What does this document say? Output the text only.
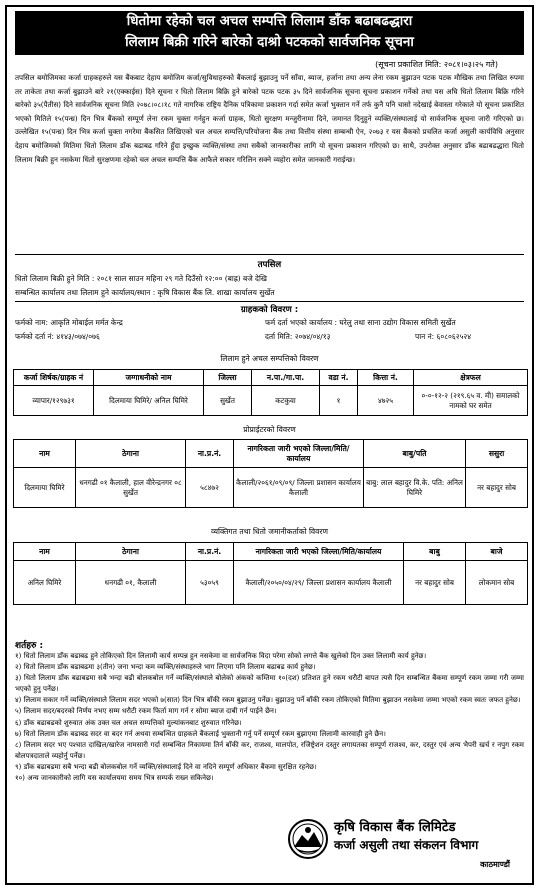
धितोमा रहेको चल अचल सम्पत्ति लिलाम डाँक बढाबढद्धारा
लिलाम बिक्री गरिने बारेको दाश्रो पटकको सार्वजनिक सूचना
(सूचना प्रकाशित मिति: २०८१।०३।२५ गते)
तपसिल बमोजिमका कर्जा ग्राहकहरुले यस बैंकबाट देहाय बमोजिम कर्जा/सुविधाहरुको बैंकलाई बुझाउनु पर्ने साँवा, ब्याज, हर्जाना तथा अन्य लेना रकम बुझाउन पटक पटक मौखिक तथा लिखित रुपमा तर ताकेता तथा कर्जा बुझाउने बारे २१(एक्काईस) दिने सूचना र धितो लिलाम बिक्रि हुने बारेको पटक पटक ३५ दिने सार्वजनिक सूचना सूचना प्रकाशन गर्नेको तथा यस अघि धितो लिलाम बिक्रि गरिने बारेको ३५(पैतीस) दिने सार्वजनिक सूचना मिति २०७८।०८।१८ गते नागरिक राष्ट्रिय दैनिक पत्रिकामा प्रकाशन गर्दा समेत कर्जा भुक्तान गर्ने तर्फ कुनै पनि चासो नदेखाई बेवास्ता गरेकाले यो सूचना प्रकाशित भएको मितिले १५(पन्ध्र) दिन भित्र बैंकको सम्पूर्ण लेना रकम चुक्ता गर्नहुन कर्जा ग्राहक, धितो सुरक्षण मन्जुरीनामा दिने, जमानत दिनुहुने व्यक्ति/संस्थालाई यो सार्वजनिक सूचना जारी गरिएको छ। उल्लेखित १५(पन्ध्र) दिन भित्र कर्जा चुक्ता नगरेमा बैंकसित लिखिएको चल अचल सम्पत्ति/परियोजना बैंक तथा वित्तीय संस्था सम्बन्धी ऐन, २०७३ र यस बैंकको प्रचलित कर्जा असुली कार्यविधि अनुसार देहाय बमोजिमको मितिमा धितो लिलाम डाँक बढाबढ गरिने हुँदा इच्छुक व्यक्ति/संस्था तथा सबैको जानकारीका लागि यो सूचना प्रकाशन गरिएको छ। साथै, उपरोक्त अनुसार डाँक बढाबढद्धारा धितो लिलाम बिक्री हुन नसकेमा धितो सुरक्षणमा रहेको चल अचल सम्पत्ति बैंक आफैले सकार गरिलिन सक्ने व्यहोरा समेत जानकारी गराईन्छ।
तपसिल
धितो लिलाम बिक्री हुने मिति : २०८१ साल साउन महिना २९ गते दिउँसो १२:०० (बाह्र) बजे देखि
सम्बन्धित कार्यालय तथा लिलाम हुने कार्यालय/स्थान : कृषि विकास बैंक लि. शाखा कार्यालय सुर्खेत
ग्राहकको विवरण :
फर्मको नाम: आकृति मोबाईल मर्मत केन्द्र	फर्म दर्ता भएको कार्यालय : घरेलु तथा साना उद्योग विकास समिती सुर्खेत
फर्मको दर्ता नं: ४१४३/०७४/०७६	दर्ता मिति: २०७४/०४/१३	पान नं: ६०८०६२५२४
लिलाम हुने अचल सम्पत्तिको विवरण
कर्जा शिर्षक/ग्राहक नं	जग्गाधनीको नाम	जिल्ला	न.पा./गा.पा.	वडा नं.	कित्ता नं.	क्षेत्रफल
व्यापार/१२९७३१	दिलमाया घिमिरे/ अनिल घिमिरे	सुर्खेत	कटकुवा	१	४७२५	०-०-१२-२ (२१९.६५ व. मी) समालको नामको घर समेत
प्रोप्राईटरको विवरण
नाम	ठेगाना	ना.प्र.नं.	नागरिकता जारी भएको जिल्ला/मिति/कार्यालय	बाबु/पति	ससुरा
दिलमाया घिमिरे	धनगढी ०१ कैलाली, हाल वीरेन्द्रनगर ०८ सुर्खेत	५८४७२	कैलाली/२०६१/०९/०९/ जिल्ला प्रशासन कार्यालय कैलाली	बाबु: लाल बहादुर वि.के. पति: अनिल घिमिरे	नर बहादुर सोब
व्यक्तिगत तथा धितो जमानीकर्ताको विवरण
नाम	ठेगाना	ना.प्र.नं.	नागरिकता जारी भएको जिल्ला/मिति/कार्यालय	बाबु	बाजे
अनिल घिमिरे	धनगढी ०१, कैलाली	५३०५९	कैलाली/२०५०/०४/२९/ जिल्ला प्रशासन कार्यालय कैलाली	नर बहादुर सोब	लोकमान सोब
शर्तहरु :
१) धितो लिलाम डाँक बढाबढ हुने तोकिएको दिन लिलामी कार्य सम्पन्न हुन नसकेमा वा सार्वजनिक विदा परेमा सोको लगत्ते बैंक खुलेको दिन उक्त लिलामी कार्य हुनेछ।
२) धितो लिलाम डाँक बढाबढमा ३(तीन) जना भन्दा कम व्यक्ति/संस्थाहरुले भाग लिएमा पनि लिलाम बढाबढ कार्य हुनेछ।
३) धितो लिलाम डाँक बढाबढमा सबै भन्दा बढी बोलकबोल गर्ने व्यक्ति/संस्थाले बोलेको अंकको कम्तिमा १०(दश) प्रतिशत हुने रकम धरौटी बापत त्यसै दिन सम्बन्धित बैंकमा सम्पूर्ण रकम जम्मा गरी जम्मा भएको हुनु पर्नेछ।
४) लिलाम सकार गर्ने व्यक्ति/संस्थाले लिलाम सदर भएको ७(सात) दिन भित्र बाँकी रकम बुझाउनु पर्नेछ। बुझाउनु पर्ने बाँकी रकम तोकिएको मितिमा बुझाउन नसकेमा जम्मा भएको रकम स्वतः जफत हुनेछ।
५) लिलाम सदर/बदरको निर्णय नभए सम्म धरौटी रकम फिर्ता माग गर्न र सोमा ब्याज दाबी गर्न पाईने छैन।
६) डाँक बढाबढको शुरुवात अंक उक्त चल अचल सम्पत्तिको मुल्यांकनबाट शुरुवात गरिनेछ।
७) धितो लिलाम डाँक बढाबढ सदर वा बदर गर्न अथवा सम्बन्धित ग्राहकले बैंकलाई भुक्तानी गर्नु पर्ने सम्पूर्ण रकम बुझाएमा लिलामी कारवाही हुने छैन।
८) लिलाम सदर भए पश्चात दाखिल/खारेज नामसारी गर्दा सम्बन्धित निकायमा तिर्न बाँकी कर, राजश्व, मालपोत, रजिष्ट्रेशन दस्तुर लगायतका सम्पूर्ण राजश्व, कर, दस्तुर एवं अन्य भैपरी खर्च र नपुग रकम बोलपत्रदाताले व्यहोर्नु पर्नेछ।
९) डाँक बढाबढमा सबै भन्दा बढी बोलकबोल गर्ने व्यक्ति/संस्थालाई दिने वा नदिने सम्पूर्ण अधिकार बैंकमा सुरक्षित रहनेछ।
१०) अन्य जानकारीको लागि यस कार्यालयमा समय भित्र सम्पर्क राख्न सकिनेछ।
कृषि विकास बैंक लिमिटेड
कर्जा असुली तथा संकलन विभाग
काठमाण्डौं
